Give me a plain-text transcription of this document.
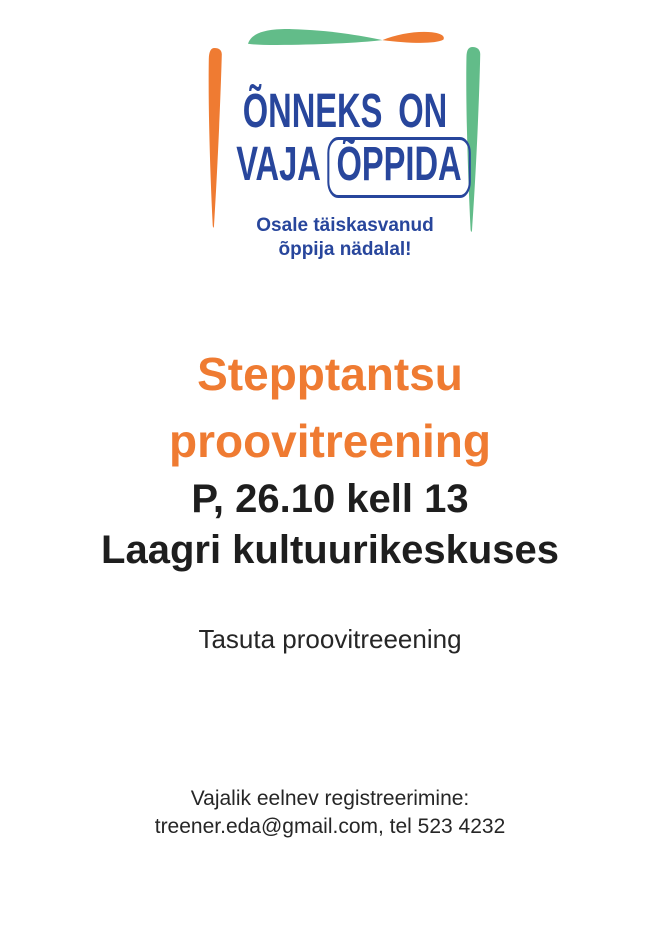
ÕNNEKS ON
VAJA ÕPPIDA
Osale täiskasvanud õppija nädalal!
Stepptantsu proovitreening
P, 26.10 kell 13
Laagri kultuurikeskuses
Tasuta proovitreeening
Vajalik eelnev registreerimine:
treener.eda@gmail.com, tel 523 4232
